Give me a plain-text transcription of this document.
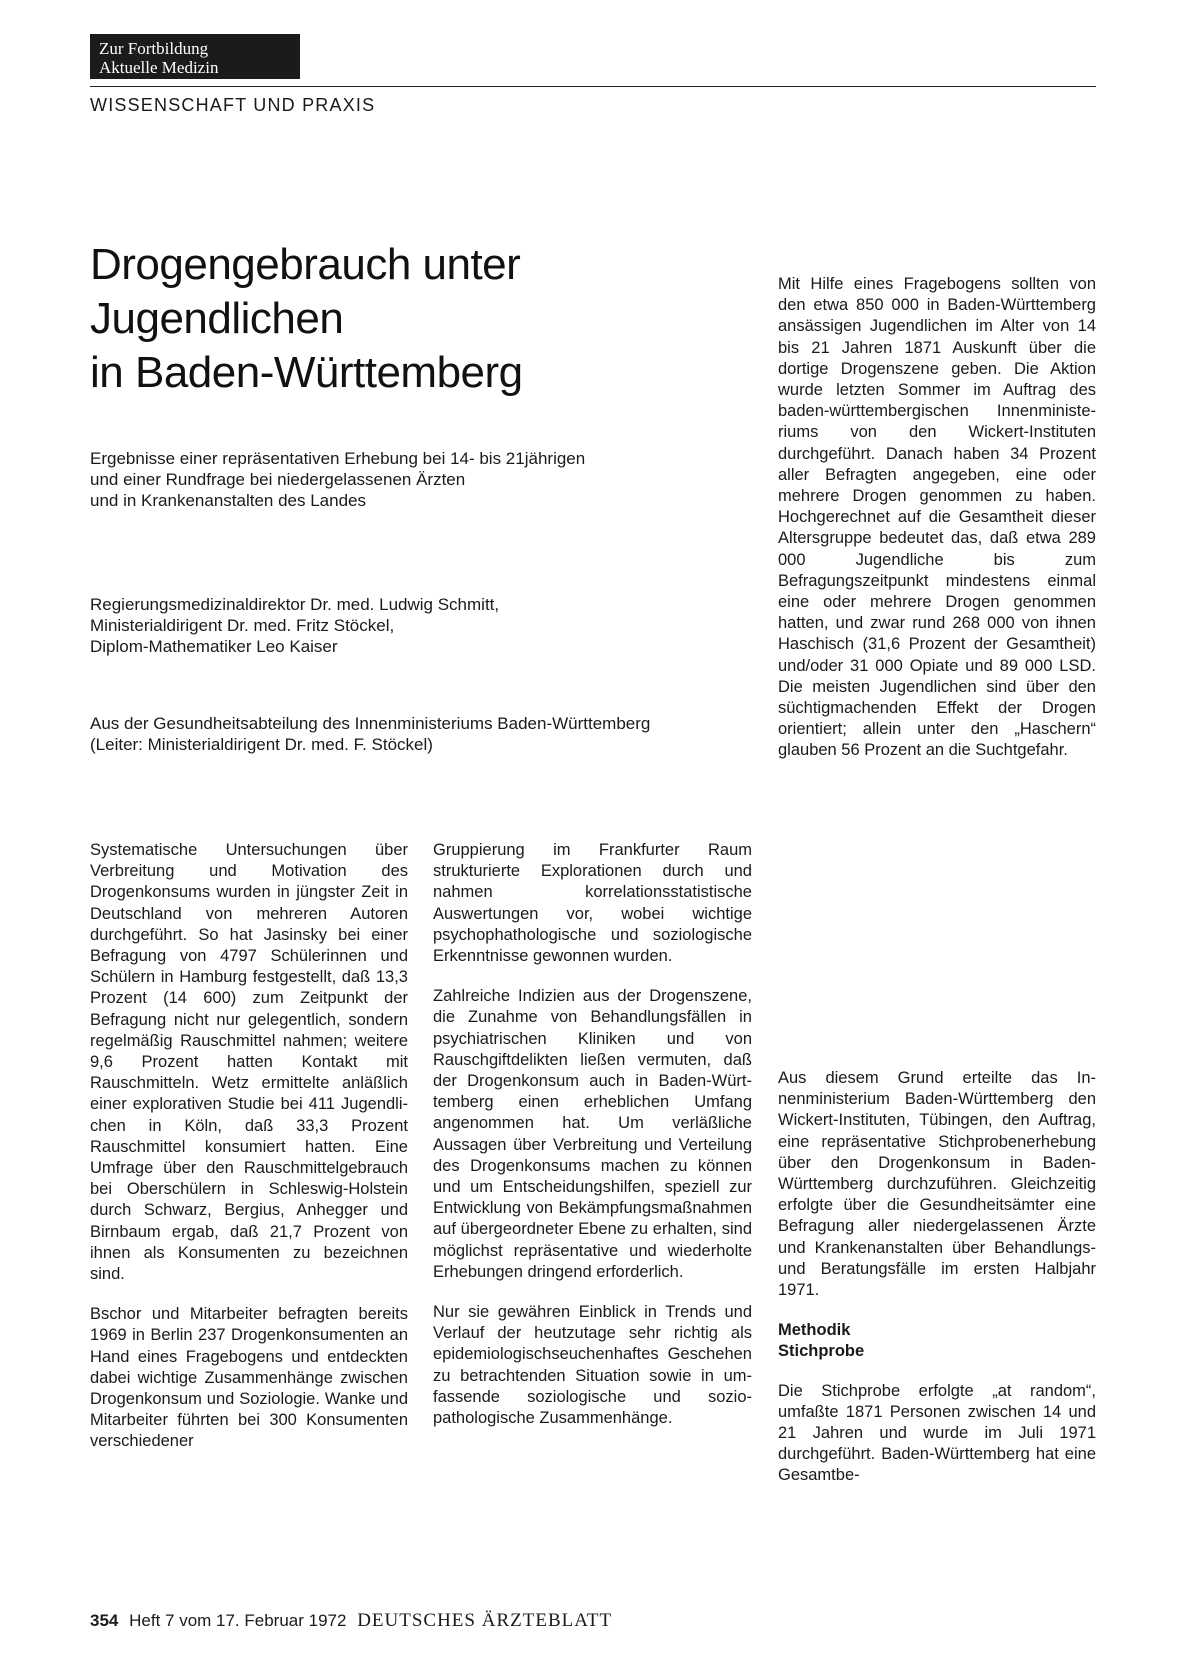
Zur Fortbildung
Aktuelle Medizin
WISSENSCHAFT UND PRAXIS
Drogengebrauch unter
Jugendlichen
in Baden-Württemberg
Ergebnisse einer repräsentativen Erhebung bei 14- bis 21jährigen
und einer Rundfrage bei niedergelassenen Ärzten
und in Krankenanstalten des Landes
Regierungsmedizinaldirektor Dr. med. Ludwig Schmitt,
Ministerialdirigent Dr. med. Fritz Stöckel,
Diplom-Mathematiker Leo Kaiser
Aus der Gesundheitsabteilung des Innenministeriums Baden-Württemberg
(Leiter: Ministerialdirigent Dr. med. F. Stöckel)

Systematische Untersuchungen über Verbreitung und Motivation des Drogenkonsums wurden in jüngster Zeit in Deutschland von mehreren Autoren durchgeführt. So hat Jasinsky bei einer Befragung von 4797 Schülerinnen und Schülern in Hamburg festgestellt, daß 13,3 Prozent (14 600) zum Zeitpunkt der Befragung nicht nur gelegentlich, sondern regelmäßig Rauschmittel nahmen; weitere 9,6 Prozent hatten Kontakt mit Rauschmitteln. Wetz ermittelte anläßlich einer explorativen Studie bei 411 Jugendlichen in Köln, daß 33,3 Prozent Rauschmittel konsumiert hatten. Eine Umfrage über den Rauschmittelgebrauch bei Oberschülern in Schleswig-Holstein durch Schwarz, Bergius, Anhegger und Birnbaum ergab, daß 21,7 Prozent von ihnen als Konsumenten zu bezeichnen sind.

Bschor und Mitarbeiter befragten bereits 1969 in Berlin 237 Drogenkonsumenten an Hand eines Fragebogens und entdeckten dabei wichtige Zusammenhänge zwischen Drogenkonsum und Soziologie. Wanke und Mitarbeiter führten bei 300 Konsumenten verschiedener

Gruppierung im Frankfurter Raum strukturierte Explorationen durch und nahmen korrelationsstatistische Auswertungen vor, wobei wichtige psychophathologische und soziologische Erkenntnisse gewonnen wurden.

Zahlreiche Indizien aus der Drogenszene, die Zunahme von Behandlungsfällen in psychiatrischen Kliniken und von Rauschgiftdelikten ließen vermuten, daß der Drogenkonsum auch in Baden-Württemberg einen erheblichen Umfang angenommen hat. Um verläßliche Aussagen über Verbreitung und Verteilung des Drogenkonsums machen zu können und um Entscheidungshilfen, speziell zur Entwicklung von Bekämpfungsmaßnahmen auf übergeordneter Ebene zu erhalten, sind möglichst repräsentative und wiederholte Erhebungen dringend erforderlich.

Nur sie gewähren Einblick in Trends und Verlauf der heutzutage sehr richtig als epidemiologischseuchenhaftes Geschehen zu betrachtenden Situation sowie in umfassende soziologische und soziopathologische Zusammenhänge.

Mit Hilfe eines Fragebogens sollten von den etwa 850 000 in Baden-Württemberg ansässigen Jugendlichen im Alter von 14 bis 21 Jahren 1871 Auskunft über die dortige Drogenszene geben. Die Aktion wurde letzten Sommer im Auftrag des baden-württembergischen Innenministeriums von den Wickert-Instituten durchgeführt. Danach haben 34 Prozent aller Befragten angegeben, eine oder mehrere Drogen genommen zu haben. Hochgerechnet auf die Gesamtheit dieser Altersgruppe bedeutet das, daß etwa 289 000 Jugendliche bis zum Befragungszeitpunkt mindestens einmal eine oder mehrere Drogen genommen hatten, und zwar rund 268 000 von ihnen Haschisch (31,6 Prozent der Gesamtheit) und/oder 31 000 Opiate und 89 000 LSD. Die meisten Jugendlichen sind über den süchtigmachenden Effekt der Drogen orientiert; allein unter den „Haschern“ glauben 56 Prozent an die Suchtgefahr.

Aus diesem Grund erteilte das Innenministerium Baden-Württemberg den Wickert-Instituten, Tübingen, den Auftrag, eine repräsentative Stichprobenerhebung über den Drogenkonsum in Baden-Württemberg durchzuführen. Gleichzeitig erfolgte über die Gesundheitsämter eine Befragung aller niedergelassenen Ärzte und Krankenanstalten über Behandlungs- und Beratungsfälle im ersten Halbjahr 1971.

Methodik
Stichprobe

Die Stichprobe erfolgte „at random“, umfaßte 1871 Personen zwischen 14 und 21 Jahren und wurde im Juli 1971 durchgeführt. Baden-Württemberg hat eine Gesamtbe-

354 Heft 7 vom 17. Februar 1972 DEUTSCHES ÄRZTEBLATT
